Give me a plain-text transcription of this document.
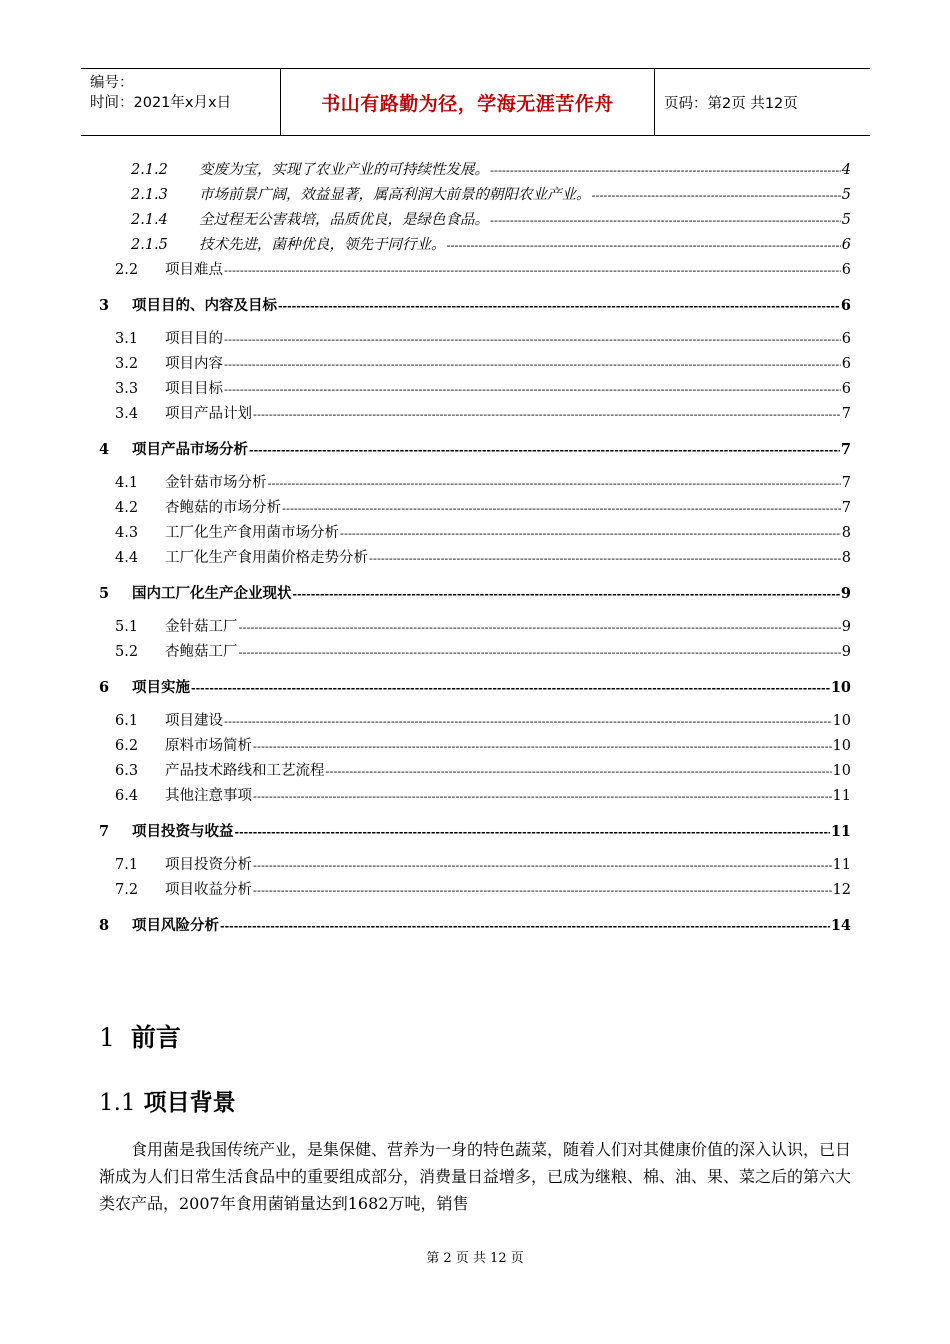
编号：
时间：2021年x月x日	书山有路勤为径，学海无涯苦作舟	页码：第2页 共12页
2.1.2	变废为宝，实现了农业产业的可持续性发展。 -----	4
2.1.3	市场前景广阔，效益显著，属高利润大前景的朝阳农业产业。 -----	5
2.1.4	全过程无公害栽培，品质优良，是绿色食品。 -----	5
2.1.5	技术先进，菌种优良，领先于同行业。 -----	6
2.2	项目难点 -----	6
3	项目目的、内容及目标 -----	6
3.1	项目目的 -----	6
3.2	项目内容 -----	6
3.3	项目目标 -----	6
3.4	项目产品计划 -----	7
4	项目产品市场分析 -----	7
4.1	金针菇市场分析 -----	7
4.2	杏鲍菇的市场分析 -----	7
4.3	工厂化生产食用菌市场分析 -----	8
4.4	工厂化生产食用菌价格走势分析 -----	8
5	国内工厂化生产企业现状 -----	9
5.1	金针菇工厂 -----	9
5.2	杏鲍菇工厂 -----	9
6	项目实施 -----	10
6.1	项目建设 -----	10
6.2	原料市场简析 -----	10
6.3	产品技术路线和工艺流程 -----	10
6.4	其他注意事项 -----	11
7	项目投资与收益 -----	11
7.1	项目投资分析 -----	11
7.2	项目收益分析 -----	12
8	项目风险分析 -----	14
1 前言
1.1 项目背景

食用菌是我国传统产业，是集保健、营养为一身的特色蔬菜，随着人们对其健康价值的深入认识，已日渐成为人们日常生活食品中的重要组成部分，消费量日益增多，已成为继粮、棉、油、果、菜之后的第六大类农产品，2007年食用菌销量达到1682万吨，销售

第 2 页 共 12 页
